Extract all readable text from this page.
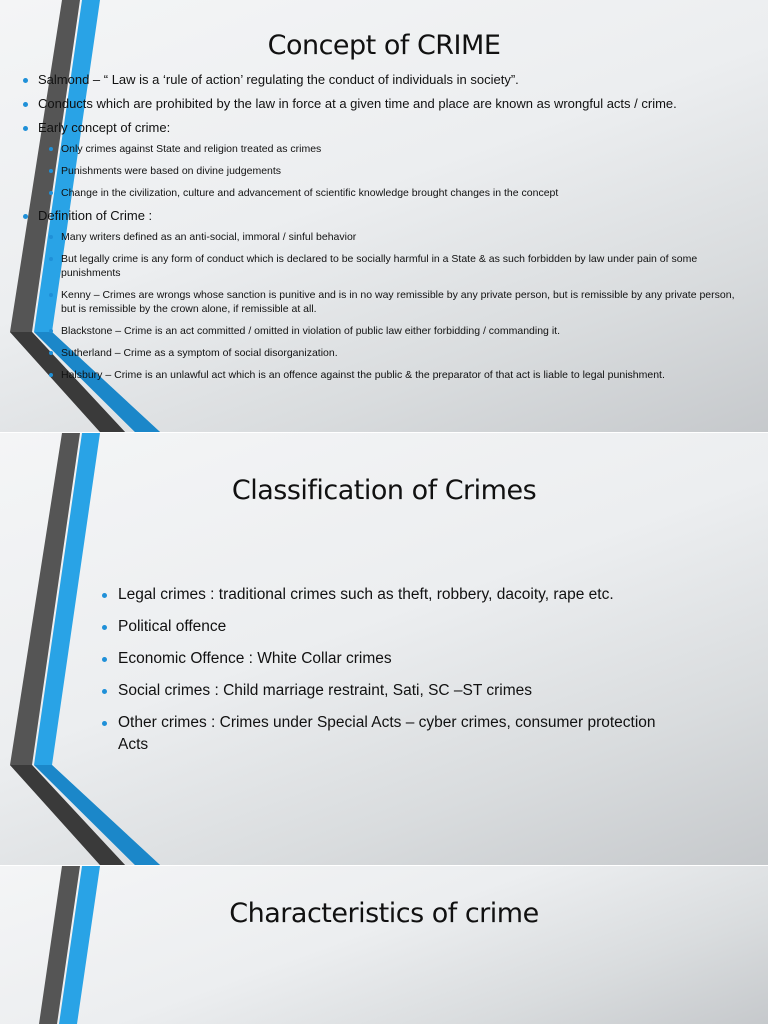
Concept of CRIME
Salmond – “ Law is a ‘rule of action’ regulating the conduct of individuals in society”.
Conducts which are prohibited by the law in force at a given time and place are known as wrongful acts / crime.
Early concept of crime:
Only crimes against State and religion treated as crimes
Punishments were based on divine judgements
Change in the civilization, culture and advancement of scientific knowledge brought changes in the concept
Definition of Crime :
Many writers defined as an anti-social, immoral / sinful behavior
But legally crime is any form of conduct which is declared to be socially harmful in a State & as such forbidden by law under pain of some punishments
Kenny – Crimes are wrongs whose sanction is punitive and is in no way remissible by any private person, but is remissible by any private person, but is remissible by the crown alone, if remissible at all.
Blackstone – Crime is an act committed / omitted in violation of public law either forbidding / commanding it.
Sutherland – Crime as a symptom of social disorganization.
Halsbury – Crime is an unlawful act which is an offence against the public & the preparator of that act is liable to legal punishment.
Classification of Crimes
Legal crimes : traditional crimes such as theft, robbery, dacoity, rape etc.
Political offence
Economic Offence : White Collar crimes
Social crimes : Child marriage restraint, Sati, SC –ST crimes
Other crimes : Crimes under Special Acts – cyber crimes, consumer protection Acts
Characteristics of crime
